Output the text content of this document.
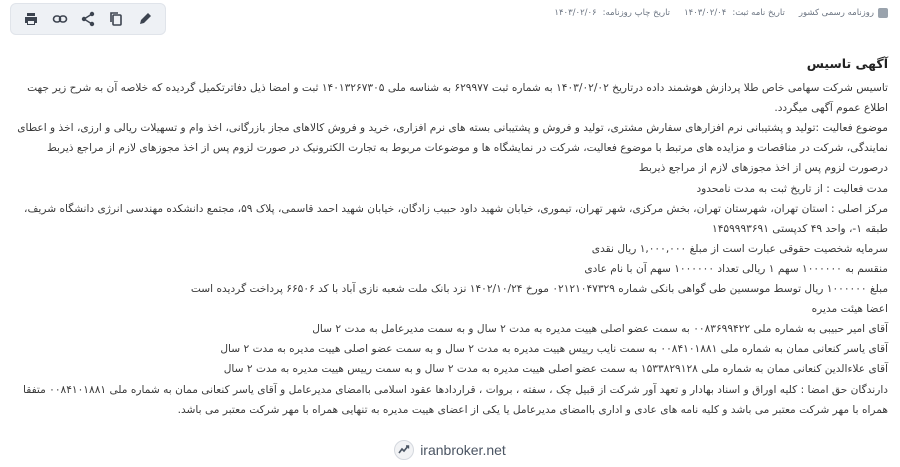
روزنامه رسمی کشور
تاریخ نامه ثبت:
۱۴۰۳/۰۲/۰۴
تاریخ چاپ روزنامه:
۱۴۰۳/۰۲/۰۶
آگهی تاسیس

تاسیس شرکت سهامی خاص طلا پردازش هوشمند داده درتاریخ ۱۴۰۳/۰۲/۰۲ به شماره ثبت ۶۲۹۹۷۷ به شناسه ملی ۱۴۰۱۳۲۶۷۳۰۵ ثبت و امضا ذیل دفاترتکمیل گردیده که خلاصه آن به شرح زیر جهت اطلاع عموم آگهی میگردد.

موضوع فعالیت :تولید و پشتیبانی نرم افزارهای سفارش مشتری، تولید و فروش و پشتیبانی بسته های نرم افزاری، خرید و فروش کالاهای مجاز بازرگانی، اخذ وام و تسهیلات ریالی و ارزی، اخذ و اعطای نمایندگی، شرکت در مناقصات و مزایده های مرتبط با موضوع فعالیت، شرکت در نمایشگاه ها و موضوعات مربوط به تجارت الکترونیک در صورت لزوم پس از اخذ مجوزهای لازم از مراجع ذیربط درصورت لزوم پس از اخذ مجوزهای لازم از مراجع ذیربط

مدت فعالیت : از تاریخ ثبت به مدت نامحدود

مرکز اصلی : استان تهران، شهرستان تهران، بخش مرکزی، شهر تهران، تیموری، خیابان شهید داود حبیب زادگان، خیابان شهید احمد قاسمی، پلاک ۵۹، مجتمع دانشکده مهندسی انرژی دانشگاه شریف، طبقه ۱-، واحد ۴۹ کدپستی ۱۴۵۹۹۹۳۶۹۱

سرمایه شخصیت حقوقی عبارت است از مبلغ ۱,۰۰۰,۰۰۰ ریال نقدی

منقسم به ۱۰۰۰۰۰۰ سهم ۱ ریالی تعداد ۱۰۰۰۰۰۰ سهم آن با نام عادی

مبلغ ۱۰۰۰۰۰۰ ریال توسط موسسین طی گواهی بانکی شماره ۰۲۱۲۱۰۴۷۳۲۹ مورخ ۱۴۰۲/۱۰/۲۴ نزد بانک ملت شعبه نازی آباد با کد ۶۶۵۰۶ پرداخت گردیده است

اعضا هیئت مدیره

آقای امیر حبیبی به شماره ملی ۰۰۸۳۶۹۹۴۲۲ به سمت عضو اصلی هییت مدیره به مدت ۲ سال و به سمت مدیرعامل به مدت ۲ سال

آقای یاسر کنعانی ممان به شماره ملی ۰۰۸۴۱۰۱۸۸۱ به سمت نایب رییس هییت مدیره به مدت ۲ سال و به سمت عضو اصلی هییت مدیره به مدت ۲ سال

آقای علاءالدین کنعانی ممان به شماره ملی ۱۵۳۳۸۲۹۱۲۸ به سمت عضو اصلی هییت مدیره به مدت ۲ سال و به سمت رییس هییت مدیره به مدت ۲ سال

دارندگان حق امضا : کلیه اوراق و اسناد بهادار و تعهد آور شرکت از قبیل چک ، سفته ، بروات ، قراردادها عقود اسلامی باامضای مدیرعامل و آقای یاسر کنعانی ممان به شماره ملی ۰۰۸۴۱۰۱۸۸۱ متفقا همراه با مهر شرکت معتبر می باشد و کلیه نامه های عادی و اداری باامضای مدیرعامل یا یکی از اعضای هییت مدیره به تنهایی همراه با مهر شرکت معتبر می باشد.

iranbroker.net
